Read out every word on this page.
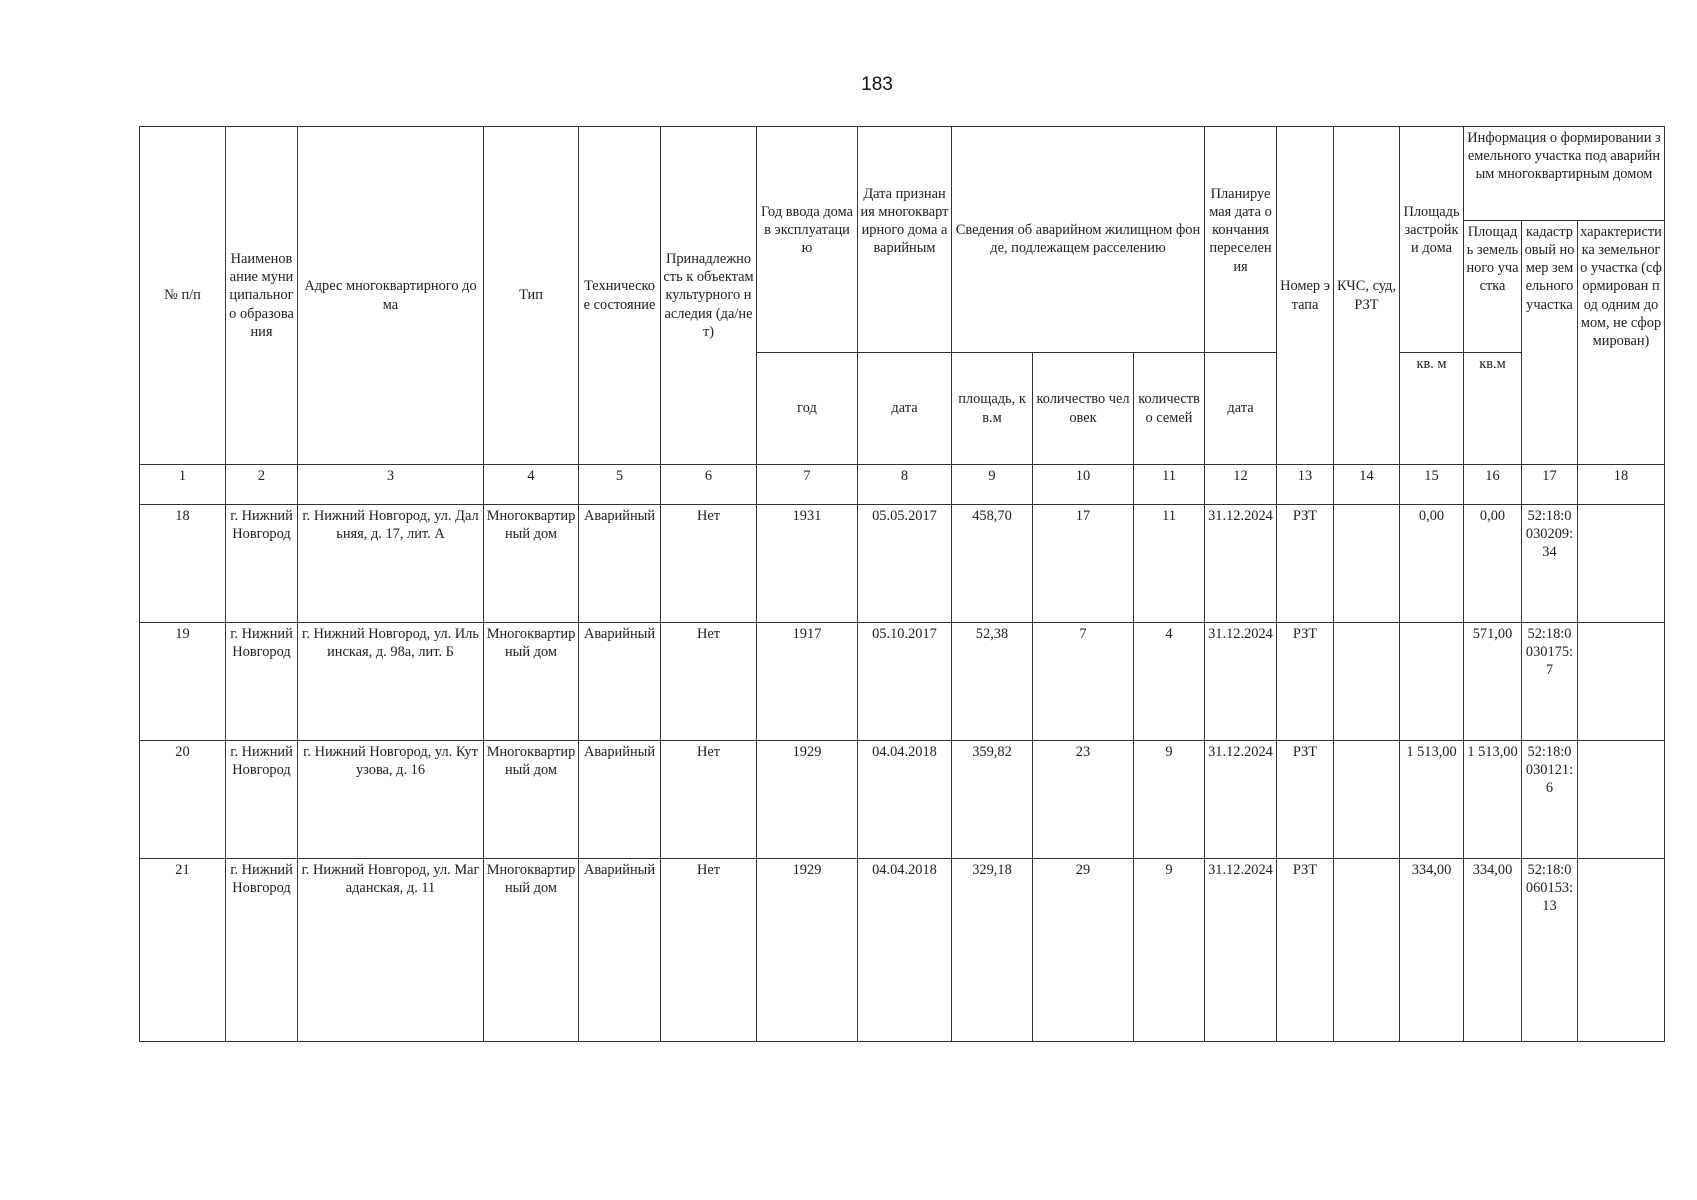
183
№ п/п	Наименование муниципального образования	Адрес многоквартирного дома	Тип	Техническое состояние	Принадлежность к объектам культурного наследия (да/нет)	Год ввода дома в эксплуатацию	Дата признания многоквартирного дома аварийным	Сведения об аварийном жилищном фонде, подлежащем расселению			Планируемая дата окончания переселения	Номер этапа	КЧС, суд, РЗТ	Площадь застройки дома	Информация о формировании земельного участка под аварийным многоквартирным домом		
															Площадь земельного участка	кадастровый номер земельного участка	характеристика земельного участка (сформирован под одним домом, не сформирован)

						год	дата	площадь, кв.м	количество человек	количество семей	дата			кв. м	кв.м		
1	2	3	4	5	6	7	8	9	10	11	12	13	14	15	16	17	18
18	г. Нижний Новгород	г. Нижний Новгород, ул. Дальняя, д. 17, лит. А	Многоквартирный дом	Аварийный	Нет	1931	05.05.2017	458,70	17	11	31.12.2024	РЗТ		0,00	0,00	52:18:0030209:34	
19	г. Нижний Новгород	г. Нижний Новгород, ул. Ильинская, д. 98а, лит. Б	Многоквартирный дом	Аварийный	Нет	1917	05.10.2017	52,38	7	4	31.12.2024	РЗТ			571,00	52:18:0030175:7	
20	г. Нижний Новгород	г. Нижний Новгород, ул. Кутузова, д. 16	Многоквартирный дом	Аварийный	Нет	1929	04.04.2018	359,82	23	9	31.12.2024	РЗТ		1 513,00	1 513,00	52:18:0030121:6	
21	г. Нижний Новгород	г. Нижний Новгород, ул. Магаданская, д. 11	Многоквартирный дом	Аварийный	Нет	1929	04.04.2018	329,18	29	9	31.12.2024	РЗТ		334,00	334,00	52:18:0060153:13	
